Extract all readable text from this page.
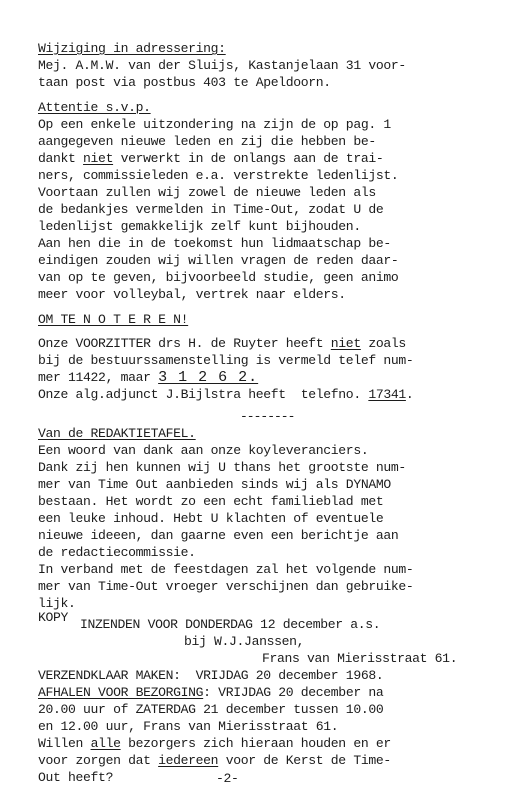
Wijziging in adressering:
Mej. A.M.W. van der Sluijs, Kastanjelaan 31 voor-
taan post via postbus 403 te Apeldoorn.
Attentie s.v.p.
Op een enkele uitzondering na zijn de op pag. 1
aangegeven nieuwe leden en zij die hebben be-
dankt niet verwerkt in de onlangs aan de trai-
ners, commissieleden e.a. verstrekte ledenlijst.
Voortaan zullen wij zowel de nieuwe leden als
de bedankjes vermelden in Time-Out, zodat U de
ledenlijst gemakkelijk zelf kunt bijhouden.
Aan hen die in de toekomst hun lidmaatschap be-
eindigen zouden wij willen vragen de reden daar-
van op te geven, bijvoorbeeld studie, geen animo
meer voor volleybal, vertrek naar elders.
OM TE N O T E R E N!
Onze VOORZITTER drs H. de Ruyter heeft niet zoals
bij de bestuurssamenstelling is vermeld telef num-
mer 11422, maar 3 1 2 6 2.
Onze alg.adjunct J.Bijlstra heeft  telefno. 17341.
--------
Van de REDAKTIETAFEL.
Een woord van dank aan onze koyleveranciers.
Dank zij hen kunnen wij U thans het grootste num-
mer van Time Out aanbieden sinds wij als DYNAMO
bestaan. Het wordt zo een echt familieblad met
een leuke inhoud. Hebt U klachten of eventuele
nieuwe ideeen, dan gaarne even een berichtje aan
de redactiecommissie.
In verband met de feestdagen zal het volgende num-
mer van Time-Out vroeger verschijnen dan gebruike-
lijk.
KOPY INZENDEN VOOR DONDERDAG 12 december a.s.
bij W.J.Janssen,
Frans van Mierisstraat 61.
VERZENDKLAAR MAKEN:  VRIJDAG 20 december 1968.
AFHALEN VOOR BEZORGING: VRIJDAG 20 december na
20.00 uur of ZATERDAG 21 december tussen 10.00
en 12.00 uur, Frans van Mierisstraat 61.
Willen alle bezorgers zich hieraan houden en er
voor zorgen dat iedereen voor de Kerst de Time-
Out heeft?	-2-
